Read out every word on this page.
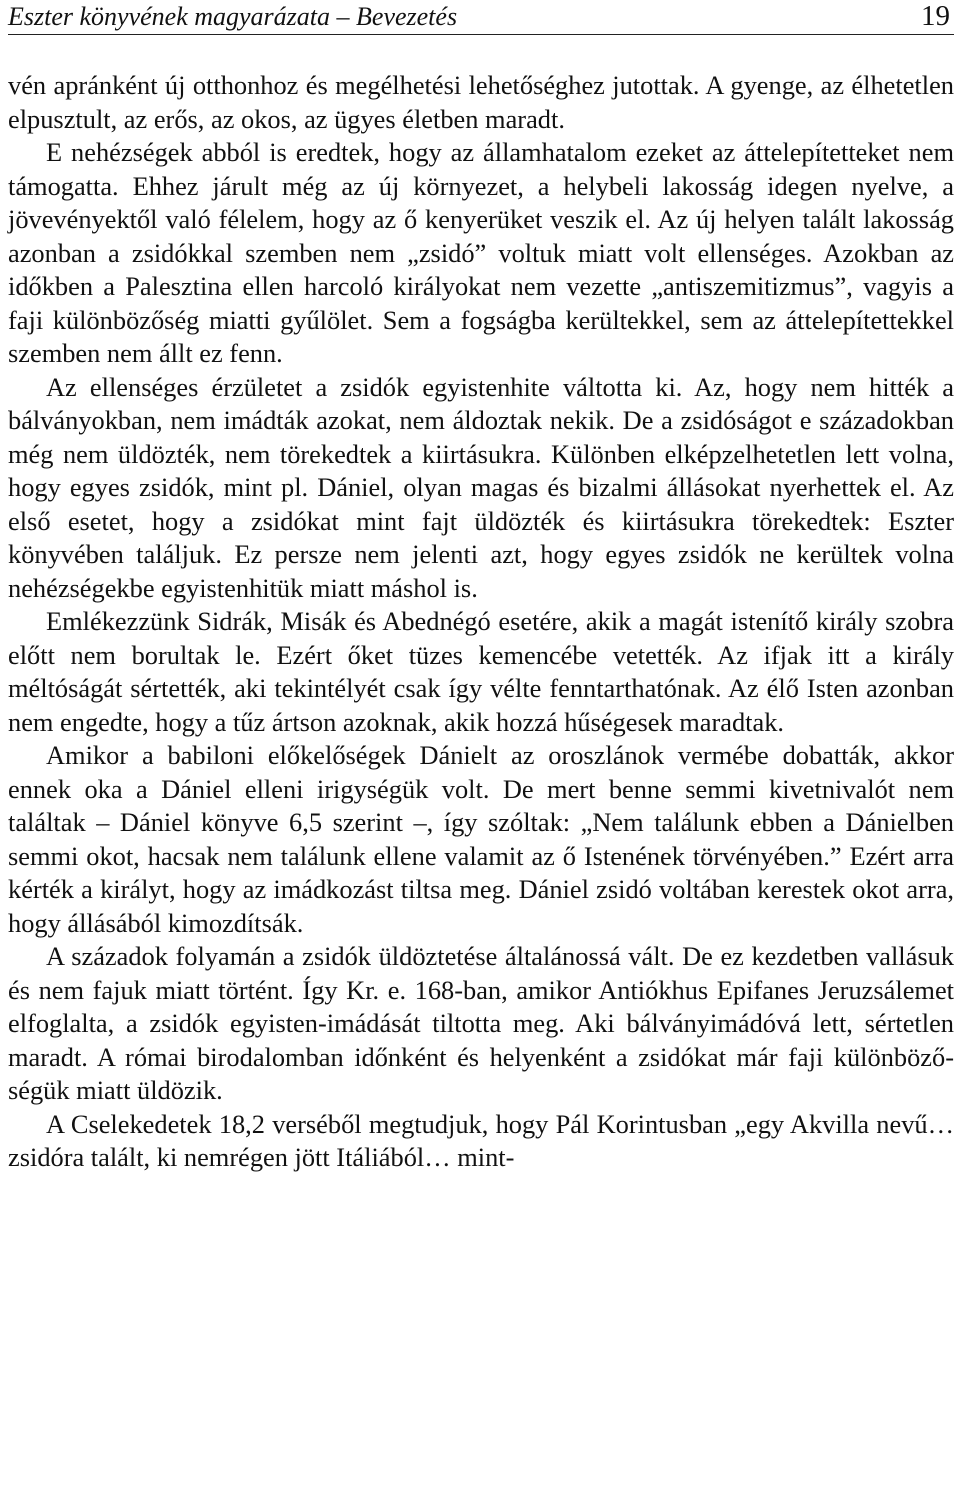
Eszter könyvének magyarázata – Bevezetés	19

vén apránként új otthonhoz és megélhetési lehetőséghez jutottak. A gyenge, az élhetetlen elpusztult, az erős, az okos, az ügyes életben maradt.

E nehézségek abból is eredtek, hogy az államhatalom ezeket az áttelepítetteket nem támogatta. Ehhez járult még az új környezet, a helybeli lakosság idegen nyelve, a jövevényektől való félelem, hogy az ő kenyerüket veszik el. Az új helyen talált lakosság azonban a zsidókkal szemben nem „zsidó” voltuk miatt volt ellenséges. Azokban az időkben a Palesztina ellen harcoló királyokat nem vezette „antiszemitizmus”, vagyis a faji különbözőség miatti gyűlölet. Sem a fogságba kerültekkel, sem az áttelepítettekkel szemben nem állt ez fenn.

Az ellenséges érzületet a zsidók egyistenhite váltotta ki. Az, hogy nem hitték a bálványokban, nem imádták azokat, nem áldoztak nekik. De a zsidóságot e századokban még nem üldözték, nem törekedtek a kiirtásukra. Különben elképzelhetetlen lett volna, hogy egyes zsidók, mint pl. Dániel, olyan magas és bizalmi állásokat nyerhettek el. Az első esetet, hogy a zsidókat mint fajt üldözték és kiirtásukra törekedtek: Eszter könyvében találjuk. Ez persze nem jelenti azt, hogy egyes zsidók ne kerültek volna nehézségekbe egyistenhitük miatt máshol is.

Emlékezzünk Sidrák, Misák és Abednégó esetére, akik a magát istenítő király szobra előtt nem borultak le. Ezért őket tüzes kemencébe vetették. Az ifjak itt a király méltóságát sértették, aki tekintélyét csak így vélte fenntarthatónak. Az élő Isten azonban nem engedte, hogy a tűz ártson azoknak, akik hozzá hűségesek maradtak.

Amikor a babiloni előkelőségek Dánielt az oroszlánok vermébe dobatták, akkor ennek oka a Dániel elleni irigységük volt. De mert benne semmi kivetnivalót nem találtak – Dániel könyve 6,5 szerint –, így szóltak: „Nem találunk ebben a Dánielben semmi okot, hacsak nem találunk ellene valamit az ő Istenének törvényében.” Ezért arra kérték a királyt, hogy az imádkozást tiltsa meg. Dániel zsidó voltában kerestek okot arra, hogy állásából kimozdítsák.

A századok folyamán a zsidók üldöztetése általánossá vált. De ez kezdetben vallásuk és nem fajuk miatt történt. Így Kr. e. 168-ban, amikor Antiókhus Epifanes Jeruzsálemet elfoglalta, a zsidók egyisten-imádását tiltotta meg. Aki bálványimádóvá lett, sértetlen maradt. A római birodalomban időnként és helyenként a zsidókat már faji különbözőségük miatt üldözik.

A Cselekedetek 18,2 verséből megtudjuk, hogy Pál Korintusban „egy Akvilla nevű… zsidóra talált, ki nemrégen jött Itáliából… mint-
